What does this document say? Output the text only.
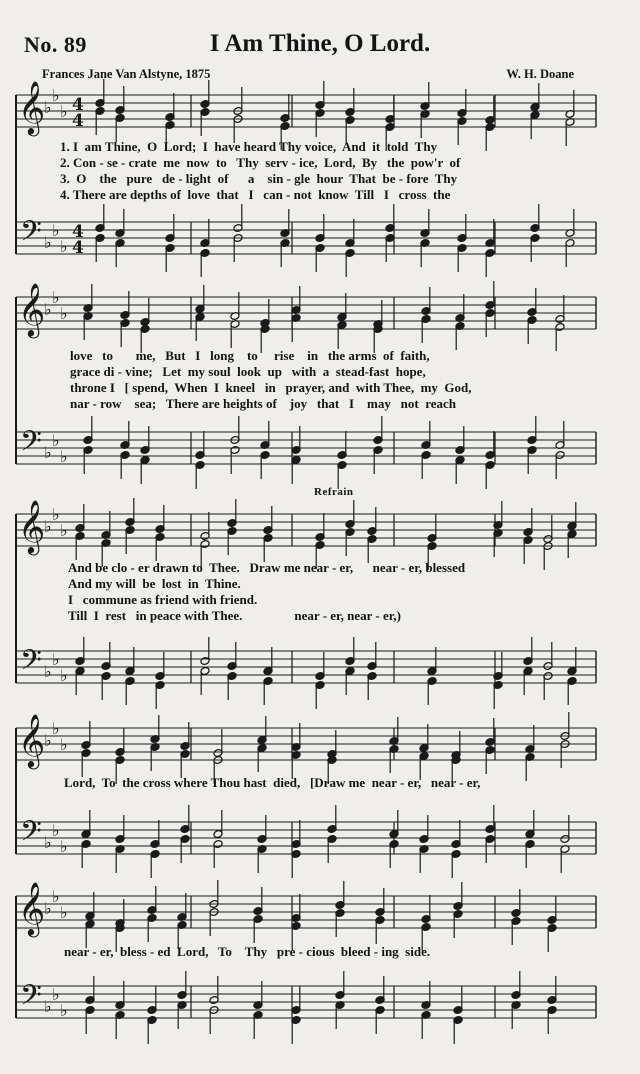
No. 89	I Am Thine, O Lord.
Frances Jane Van Alstyne, 1875	W. H. Doane
Refrain
𝄞
𝄢
♭
♭
♭
♭
♭
♭
4
4
4
4
𝄞
𝄢
♭
♭
♭
♭
♭
♭
𝄞
𝄢
♭
♭
♭
♭
♭
♭
𝄞
𝄢
♭
♭
♭
♭
♭
♭
𝄞
𝄢
♭
♭
♭
♭
♭
♭
1. I  am Thine,  O  Lord;  I  have heard Thy voice,  And  it  told  Thy
2. Con - se - crate  me  now  to   Thy  serv - ice,  Lord,  By   the  pow'r  of
3.  O    the   pure   de - light  of      a    sin - gle  hour  That  be - fore  Thy
4. There are depths of  love  that   I   can - not  know  Till   I   cross  the
love   to       me,   But   I   long    to     rise    in   the arms  of  faith,
grace di - vine;   Let  my soul  look  up   with  a  stead-fast  hope,
throne I   [ spend,  When  I  kneel   in   prayer, and  with Thee,  my  God,
nar - row    sea;   There are heights of    joy   that   I    may   not  reach
And be clo - er drawn to  Thee.   Draw me near - er,      near - er, blessed
And my will  be  lost  in  Thine.
I   commune as friend with friend.
Till  I  rest   in peace with Thee.                near - er, near - er,)
Lord,  To  the cross where Thou hast  died,   [Draw me  near - er,   near - er,
near - er,  bless - ed  Lord,   To    Thy   pre - cious  bleed - ing  side.
